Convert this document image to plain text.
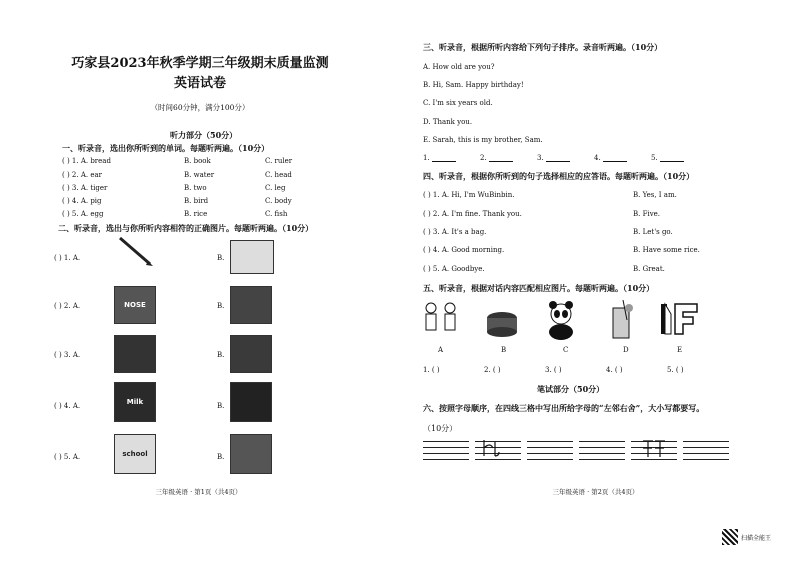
巧家县2023年秋季学期三年级期末质量监测
英语试卷
（时间60分钟，满分100分）
听力部分（50分）
一、听录音，选出你所听到的单词。每题听两遍。（10分）
( ) 1. A. bread	B. book	C. ruler
( ) 2. A. ear	B. water	C. head
( ) 3. A. tiger	B. two	C. leg
( ) 4. A. pig	B. bird	C. body
( ) 5. A. egg	B. rice	C. fish
二、听录音，选出与你所听内容相符的正确图片。每题听两遍。（10分）
( ) 1. A.	B.
( ) 2. A.	B.
( ) 3. A.	B.
( ) 4. A.	B.
( ) 5. A.	B.
NOSE
Milk
school
三年级英语 · 第1页（共4页）
三、听录音，根据所听内容给下列句子排序。录音听两遍。（10分）
A. How old are you?
B. Hi, Sam. Happy birthday!
C. I'm six years old.
D. Thank you.
E. Sarah, this is my brother, Sam.
1.	2.	3.	4.	5.
四、听录音，根据你所听到的句子选择相应的应答语。每题听两遍。（10分）
( ) 1. A. Hi, I'm WuBinbin.	B. Yes, I am.
( ) 2. A. I'm fine. Thank you.	B. Five.
( ) 3. A. It's a bag.	B. Let's go.
( ) 4. A. Good morning.	B. Have some rice.
( ) 5. A. Goodbye.	B. Great.
五、听录音，根据对话内容匹配相应图片。每题听两遍。（10分）
A	B	C	D	E
1. ( )	2. ( )	3. ( )	4. ( )	5. ( )
笔试部分（50分）
六、按照字母顺序，在四线三格中写出所给字母的“左邻右舍”，大小写都要写。
（10分）
三年级英语 · 第2页（共4页）
扫描全能王
